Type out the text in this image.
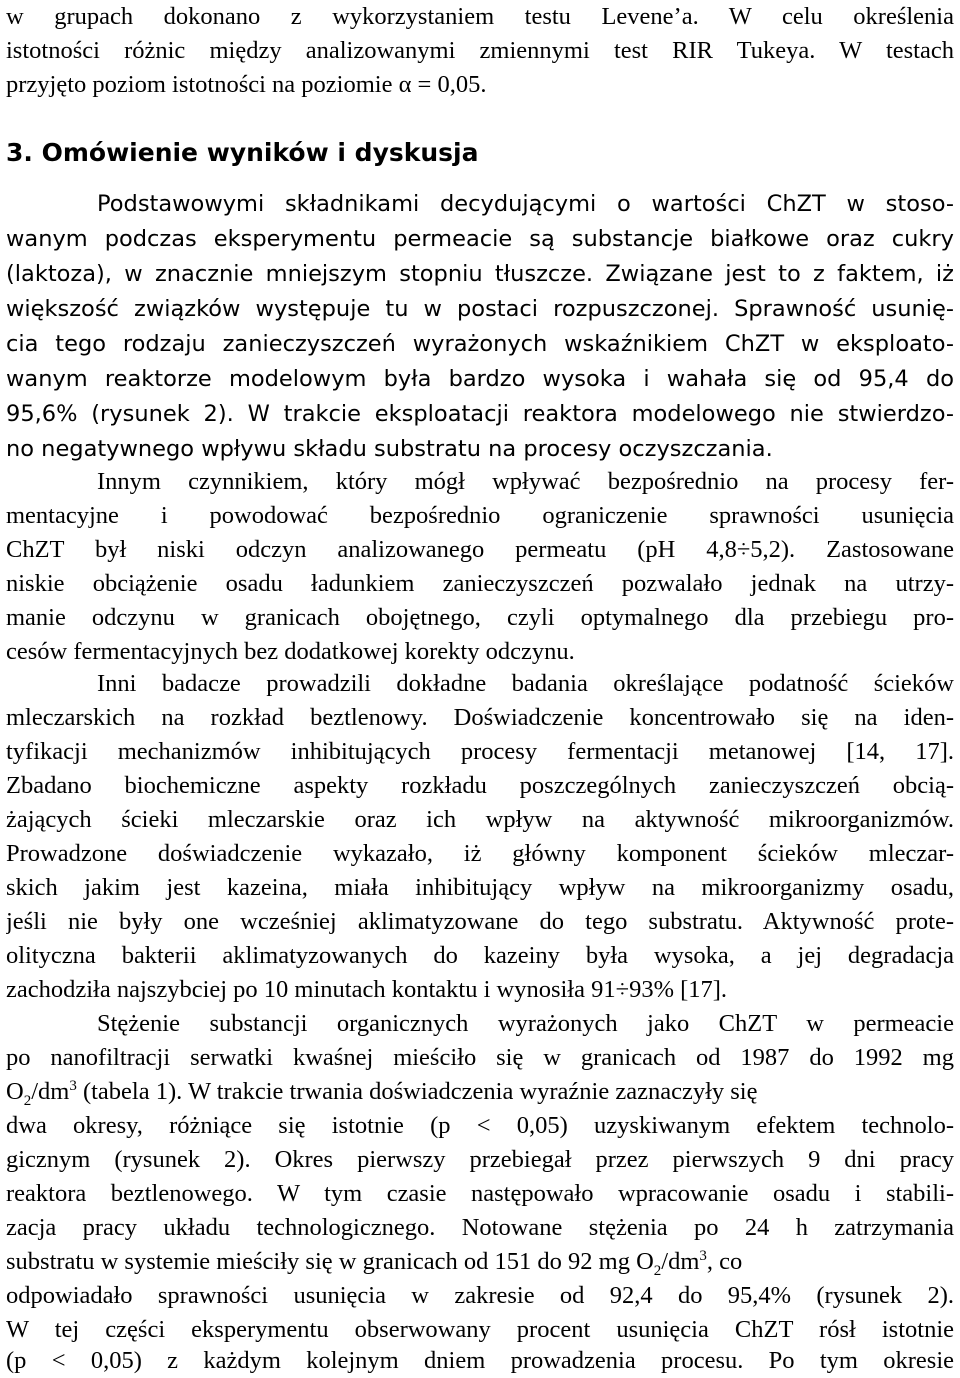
w grupach dokonano z wykorzystaniem testu Levene’a. W celu określenia
istotności różnic między analizowanymi zmiennymi test RIR Tukeya. W testach
przyjęto poziom istotności na poziomie α = 0,05.
3. Omówienie wyników i dyskusja
Podstawowymi składnikami decydującymi o wartości ChZT w stoso-
wanym podczas eksperymentu permeacie są substancje białkowe oraz cukry
(laktoza), w znacznie mniejszym stopniu tłuszcze. Związane jest to z faktem, iż
większość związków występuje tu w postaci rozpuszczonej. Sprawność usunię-
cia tego rodzaju zanieczyszczeń wyrażonych wskaźnikiem ChZT w eksploato-
wanym reaktorze modelowym była bardzo wysoka i wahała się od 95,4 do
95,6% (rysunek 2). W trakcie eksploatacji reaktora modelowego nie stwierdzo-
no negatywnego wpływu składu substratu na procesy oczyszczania.
Innym czynnikiem, który mógł wpływać bezpośrednio na procesy fer-
mentacyjne i powodować bezpośrednio ograniczenie sprawności usunięcia
ChZT był niski odczyn analizowanego permeatu (pH 4,8÷5,2). Zastosowane
niskie obciążenie osadu ładunkiem zanieczyszczeń pozwalało jednak na utrzy-
manie odczynu w granicach obojętnego, czyli optymalnego dla przebiegu pro-
cesów fermentacyjnych bez dodatkowej korekty odczynu.
Inni badacze prowadzili dokładne badania określające podatność ścieków
mleczarskich na rozkład beztlenowy. Doświadczenie koncentrowało się na iden-
tyfikacji mechanizmów inhibitujących procesy fermentacji metanowej [14, 17].
Zbadano biochemiczne aspekty rozkładu poszczególnych zanieczyszczeń obcią-
żających ścieki mleczarskie oraz ich wpływ na aktywność mikroorganizmów.
Prowadzone doświadczenie wykazało, iż główny komponent ścieków mleczar-
skich jakim jest kazeina, miała inhibitujący wpływ na mikroorganizmy osadu,
jeśli nie były one wcześniej aklimatyzowane do tego substratu. Aktywność prote-
olityczna bakterii aklimatyzowanych do kazeiny była wysoka, a jej degradacja
zachodziła najszybciej po 10 minutach kontaktu i wynosiła 91÷93% [17].
Stężenie substancji organicznych wyrażonych jako ChZT w permeacie
po nanofiltracji serwatki kwaśnej mieściło się w granicach od 1987 do 1992 mg
$O_2/dm^3$ (tabela 1). W trakcie trwania doświadczenia wyraźnie zaznaczyły się
dwa okresy, różniące się istotnie (p < 0,05) uzyskiwanym efektem technolo-
gicznym (rysunek 2). Okres pierwszy przebiegał przez pierwszych 9 dni pracy
reaktora beztlenowego. W tym czasie następowało wpracowanie osadu i stabili-
zacja pracy układu technologicznego. Notowane stężenia po 24 h zatrzymania
substratu w systemie mieściły się w granicach od 151 do 92 mg $O_2/dm^3$, co
odpowiadało sprawności usunięcia w zakresie od 92,4 do 95,4% (rysunek 2).
W tej części eksperymentu obserwowany procent usunięcia ChZT rósł istotnie
(p < 0,05) z każdym kolejnym dniem prowadzenia procesu. Po tym okresie
